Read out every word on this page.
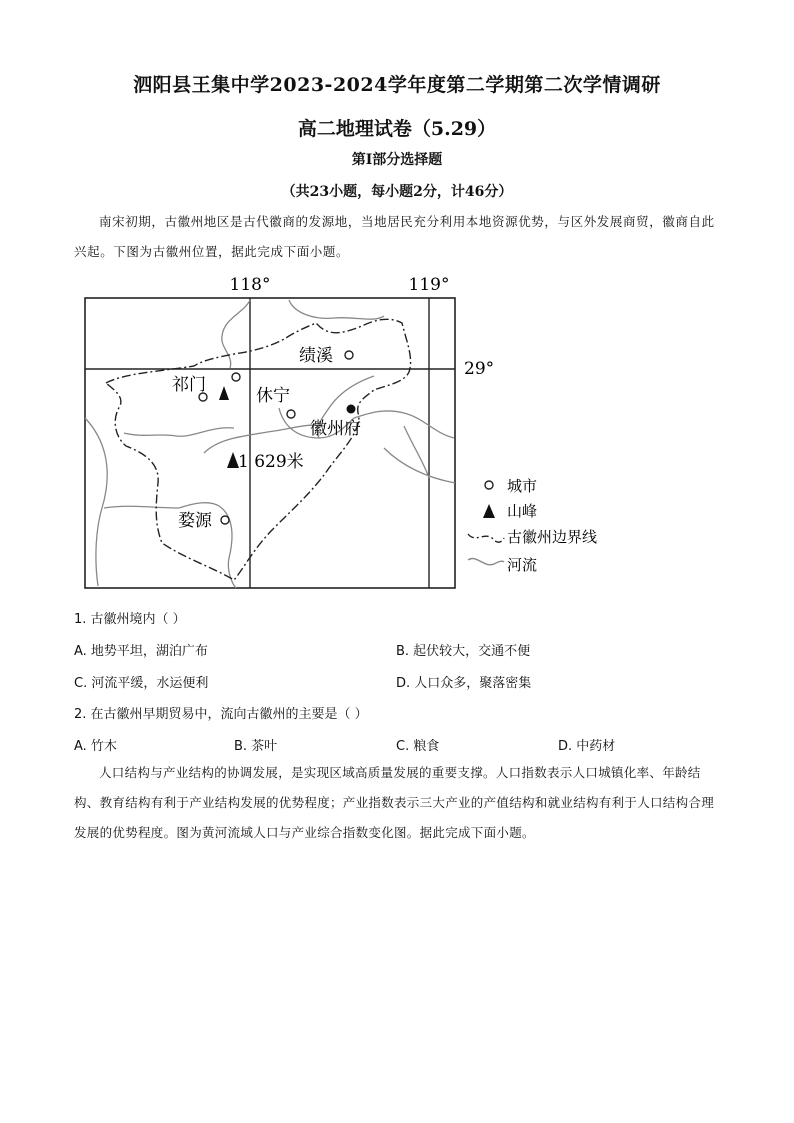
泗阳县王集中学2023-2024学年度第二学期第二次学情调研
高二地理试卷（5.29）
第Ⅰ部分选择题
（共23小题，每小题2分，计46分）
南宋初期，古徽州地区是古代徽商的发源地，当地居民充分利用本地资源优势，与区外发展商贸，徽商自此兴起。下图为古徽州位置，据此完成下面小题。
118°	119°
29°
绩溪
祁门
休宁
徽州府
1 629米
婺源
城市
山峰
古徽州边界线
河流
1. 古徽州境内（ ）
A. 地势平坦，湖泊广布	B. 起伏较大，交通不便
C. 河流平缓，水运便利	D. 人口众多，聚落密集
2. 在古徽州早期贸易中，流向古徽州的主要是（ ）
A. 竹木	B. 茶叶	C. 粮食	D. 中药材
人口结构与产业结构的协调发展，是实现区域高质量发展的重要支撑。人口指数表示人口城镇化率、年龄结构、教育结构有利于产业结构发展的优势程度；产业指数表示三大产业的产值结构和就业结构有利于人口结构合理发展的优势程度。图为黄河流域人口与产业综合指数变化图。据此完成下面小题。
